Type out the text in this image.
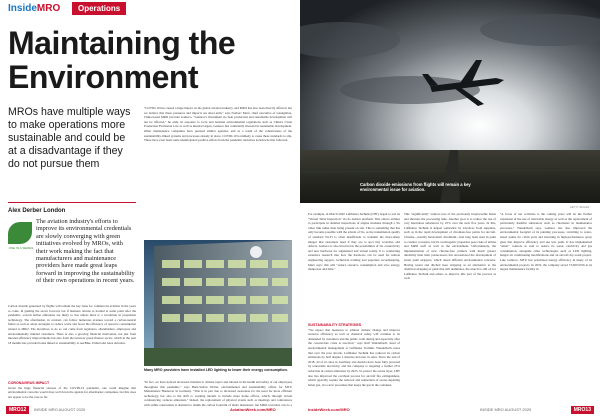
InsideMRO	Operations
Maintaining the Environment
MROs have multiple ways to make operations more sustainable and could be at a disadvantage if they do not pursue them
Alex Derber London
ONE IN A SERIES
The aviation industry's efforts to improve its environmental credentials are slowly converging with green initiatives evolved by MROs, with their work making the fact that manufacturers and maintenance providers have made great leaps forward in improving the sustainability of their own operations in recent years.
Carbon dioxide generated by flights will remain the key issue for commercial aviation in the years to come. In guiding the sector forward, but if business returns to normal at some point after the pandemic, overall airline emissions are likely to rise unless there is a revolution in propulsion technology. The aftermarket, in contrast, can follow numerous avenues toward a carbon-neutral future as well as adopt strategies to reduce waste and boost the efficiency of resource consumption related to MRO. The incentives to do so can come from regulators, shareholders, employees and environmentally minded customers. There is also a growing financial motivation, not just from internal efficiency improvements but also from the turnover green finance sector, which in the past 18 months has provided loans linked to sustainability to AerBlue, Etihad and Jetex Aviation.
CORONAVIRUS IMPACT
Given the huge financial stresses of the COVID-19 pandemic, one could imagine that environmental concerns would drop well down the agenda for aftermarket companies, but this does not appear to be the case so far.
"COVID-19 has caused a huge impact on the global aviation industry, and MRO has also been directly affected, but we believe that these pressures and impacts are short-term," says Norbert Marx, chief executive of Guangzhou, China-based MRO provider Gameco. "Gameco's investment in clean production and sustainable development will not be affected," he adds. In response to local and national environmental regulations such as China's Clean Production Promotion Law as well as internal targets, Gameco has continually invested in sustainable development. Other maintenance companies have pursued similar agendas, and as a result of the cohesiveness of the sustainability-linked systems and processes already in place, COVID-19 is unlikely to cause these standards to slip. There have even been some unanticipated positive effects from the pandemic and mass lockdowns that followed.
Many MRO providers have installed LED lighting to lower their energy consumption.
"In fact, we have noticed increased attention to climate topics and interest in the health and safety of our employees throughout this pandemic," says Hans-Stefan Wolter, environmental and sustainability officer for MTU Maintenance Hannover in Germany. "This is in part due to increased awareness for the need for more efficient technology, but also to the shift to working models to include more home offices, which, through virtual conferencing, reduces emissions." Indeed, the replacement of physical events such as meetings and conferences with online equivalents is destined to shrink the carbon footprint of many businesses, but MRO providers can go a
MRO12	INSIDE MRO AUGUST 2020	AviationWeek.com/MRO
Carbon dioxide emissions from flights will remain a key environmental issue for aviation.
GETTY IMAGES
For example, in March 2020 Lufthansa Technik (LHT) began to test its "Virtual Table Inspection" via its Aviatar platform. This allows airlines to participate in detailed inspections of engine modules through a 5G video link rather than being present on site. This is something that has only become possible with the advent of 5G, as the transmission quality of standard Wi-Fi is often insufficient to transmit the more-sharp images that customers need if they are to spot tiny scratches and defects. Gameco is also involved in the possibilities of 5G connectivity and new hardware for augmented and virtual reality. It is conducting extensive research into how the hardware can be used for remote engineering support, technician training and paperless recordkeeping, Marx says: this will "reduce resource consumption and save energy, manpower and time."
SUSTAINABILITY STRATEGIES
"We expect that measures to address climate change and improve resource efficiency as well as chemical safety will continue to be demanded by customers and the public, both during and especially after the coronavirus crisis is resolved," says Ralf Wandelbach, head of environmental management at Lufthansa Technik. Wandelbach notes that over the past decade, Lufthansa Technik has reduced its carbon emissions by half despite a massive increase in sales. Since the end of 2018, all of its sites in Germany and Austria have been fully powered by renewable electricity, and the company is targeting a further 25% reduction in carbon emissions by 2025. To protect the ozone layer, LHT also has improved the overhaul process for aircraft fire extinguishers, which typically require the removal and reinsertion of ozone-depleting halon gas, via a new procedure that keeps the gas in the container.
This "significantly" reduces loss of the previously irreplaceable halon and shortens the processing time. Another goal is to reduce the use of very hazardous substances by 25% over the next five years. In this, Lufthansa Technik is helped somewhat by advances from suppliers, such as in the rapid development of chromate-free paints for aircraft. Chrome—notably hexavalent chromium—had long been used in paint to counter corrosion, but its carcinogenic properties pose risks of airline and MRO staff as well as the environment. Unfortunately, the implementation of new chrome-free primers with much greater durability than their predecessors has necessitated the development of better paint strippers, which raised different environmental concerns. Having tested and ditched laser stripping as an alternative to the chemical stripping of paint that still dominates, the search is still on for Lufthansa Technik and others to improve this part of the process as well.
"A focus of our activities is the coming years will be the further expansion of the use of renewable energy as well as the replacement of particularly harmful substances such as chromates in maintenance processes," Wandelbach says. Gameco has also improved the environmental footprint of its painting processes, switching to water-based paints for cabin parts and investing in high-performance spray guns that improve efficiency and use less paint. It has implemented "smart" controls as well to reduce its water, electricity and gas consumption, alongside other technologies such as LED lighting, hangar air conditioning modifications and an aircraft dry-wash project. Like Gameco, MTU has prioritized energy efficiency in many of its environmental projects. In 2019, the company saved 73,000 kWh at its largest maintenance facility in
InsideWeek.com/MRO	INSIDE MRO AUGUST 2020	MRO13
